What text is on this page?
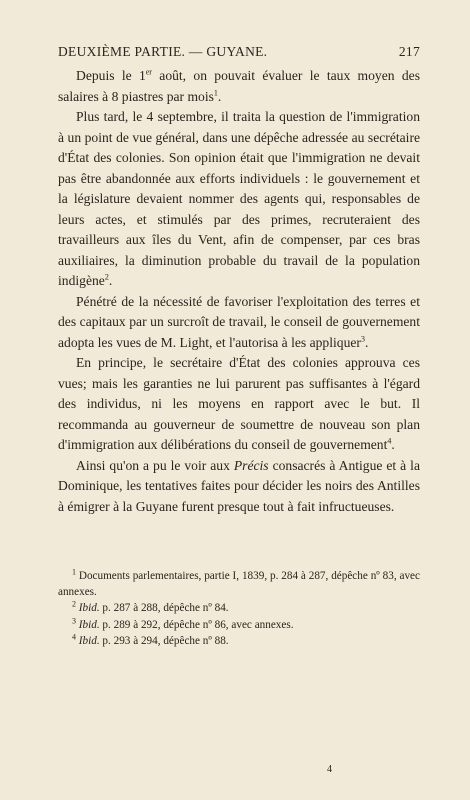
DEUXIÈME PARTIE. — GUYANE.	217

Depuis le 1er août, on pouvait évaluer le taux moyen des salaires à 8 piastres par mois$^1$.

Plus tard, le 4 septembre, il traita la question de l'immigration à un point de vue général, dans une dépêche adressée au secrétaire d'État des colonies. Son opinion était que l'immigration ne devait pas être abandonnée aux efforts individuels : le gouvernement et la législature devaient nommer des agents qui, responsables de leurs actes, et stimulés par des primes, recruteraient des travailleurs aux îles du Vent, afin de compenser, par ces bras auxiliaires, la diminution probable du travail de la population indigène$^2$.

Pénétré de la nécessité de favoriser l'exploitation des terres et des capitaux par un surcroît de travail, le conseil de gouvernement adopta les vues de M. Light, et l'autorisa à les appliquer$^3$.

En principe, le secrétaire d'État des colonies approuva ces vues; mais les garanties ne lui parurent pas suffisantes à l'égard des individus, ni les moyens en rapport avec le but. Il recommanda au gouverneur de soumettre de nouveau son plan d'immigration aux délibérations du conseil de gouvernement$^4$.

Ainsi qu'on a pu le voir aux Précis consacrés à Antigue et à la Dominique, les tentatives faites pour décider les noirs des Antilles à émigrer à la Guyane furent presque tout à fait infructueuses.

$^1$ Documents parlementaires, partie I, 1839, p. 284 à 287, dépêche nº 83, avec annexes.

$^2$ Ibid. p. 287 à 288, dépêche nº 84.

$^3$ Ibid. p. 289 à 292, dépêche nº 86, avec annexes.

$^4$ Ibid. p. 293 à 294, dépêche nº 88.

4
